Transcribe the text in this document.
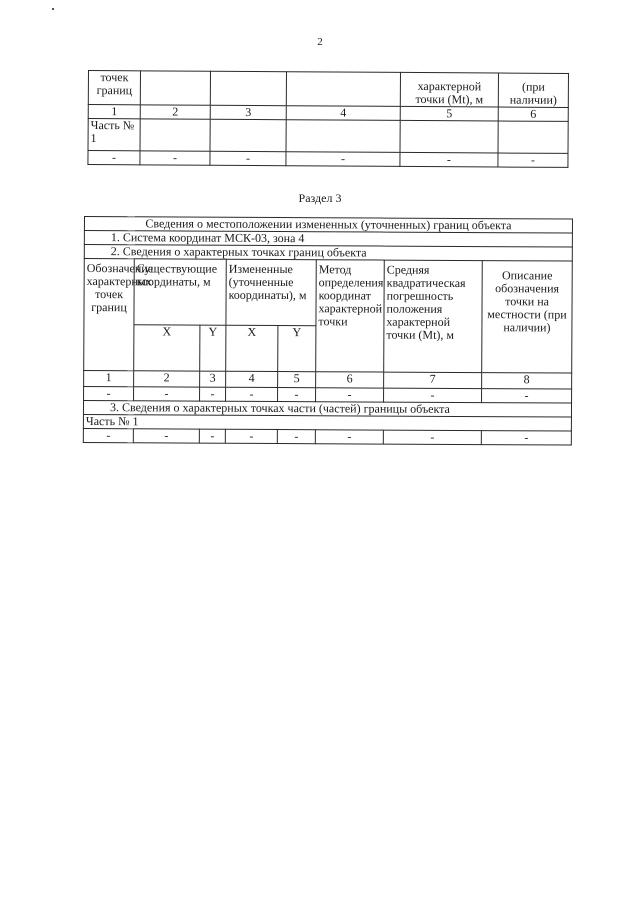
2
точек границ				характерной точки (Mt), м	(при наличии)
1	2	3	4	5	6
Часть № 1					
-	-	-	-	-	-
Раздел 3
Сведения о местоположении измененных (уточненных) границ объекта							
1. Система координат МСК-03, зона 4							
2. Сведения о характерных точках границ объекта							
Обозначение характерных точек границ	Существующие координаты, м		Измененные (уточненные координаты), м		Метод определения координат характерной точки	Средняя квадратическая погрешность положения характерной точки (Mt), м	Описание обозначения точки на местности (при наличии)
	X	Y	X	Y			
1	2	3	4	5	6	7	8
-	-	-	-	-	-	-	-
3. Сведения о характерных точках части (частей) границы объекта							
Часть № 1							
-	-	-	-	-	-	-	-
